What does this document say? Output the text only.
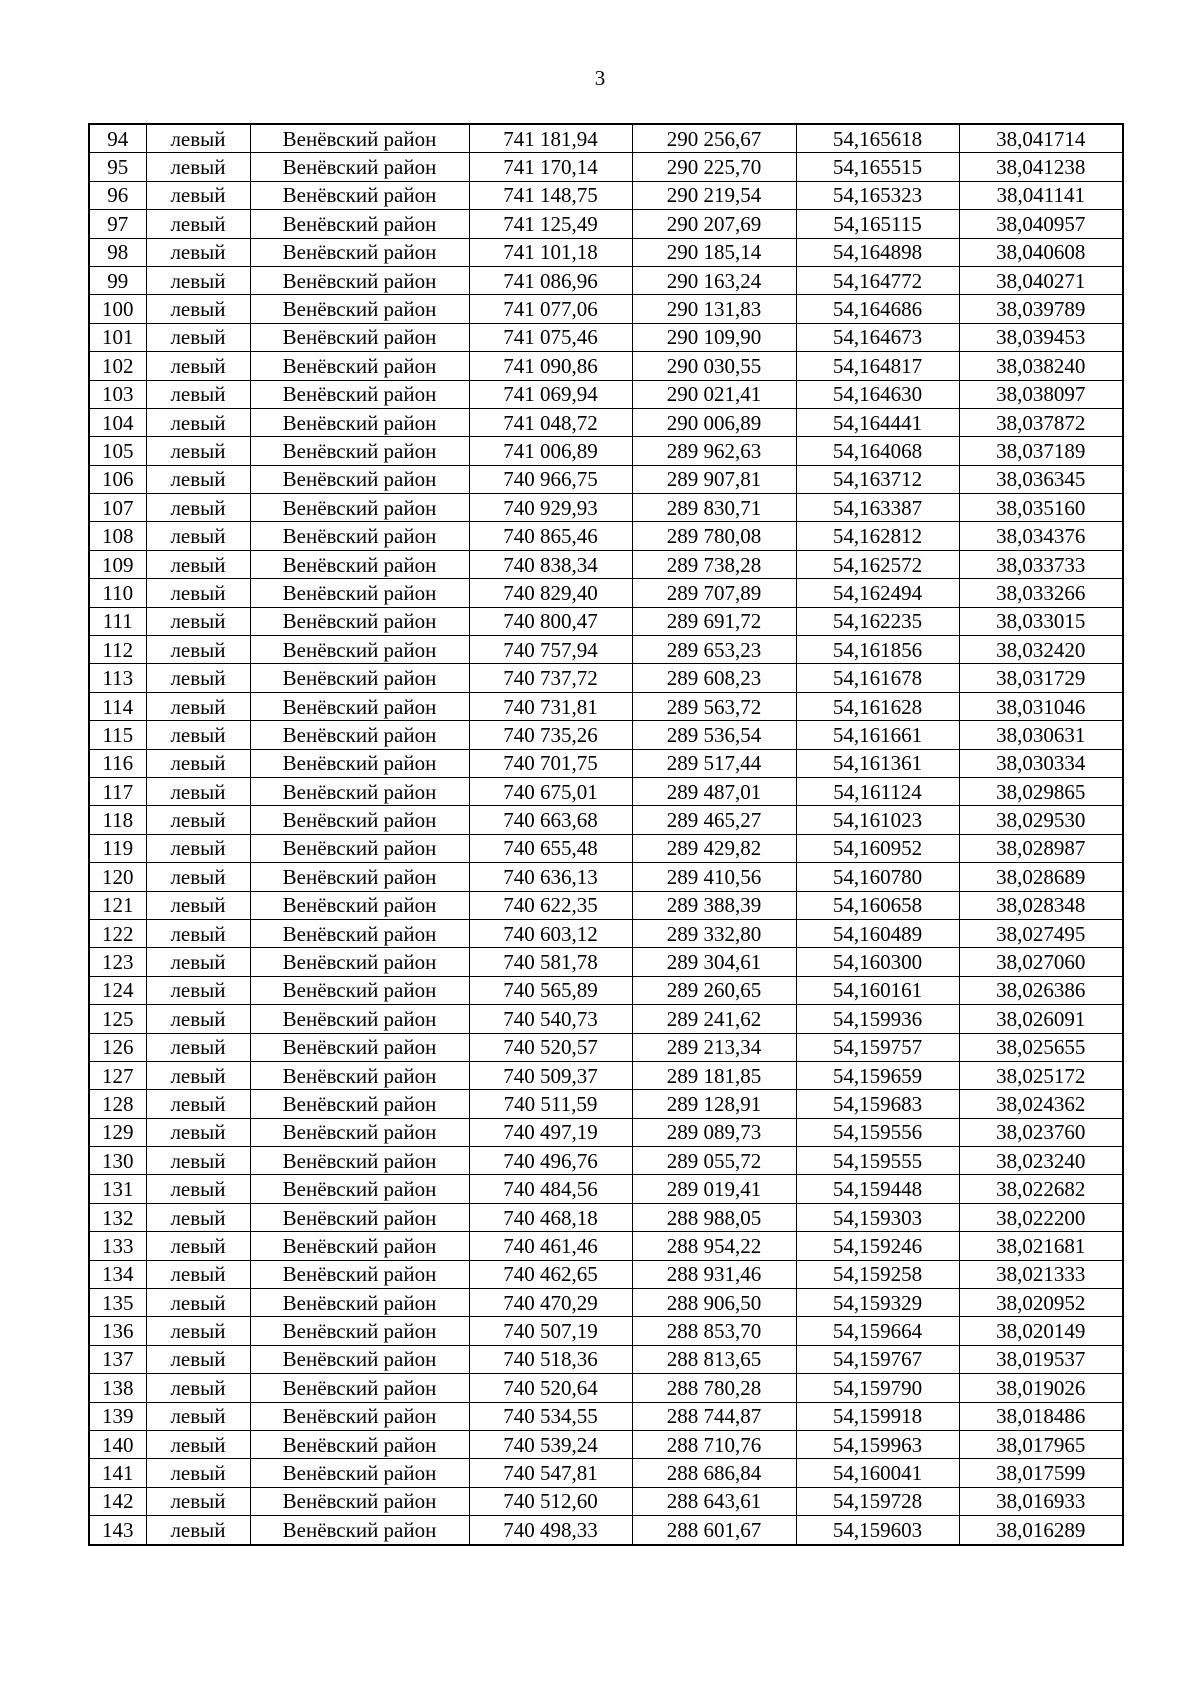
3
94	левый	Венёвский район	741 181,94	290 256,67	54,165618	38,041714
95	левый	Венёвский район	741 170,14	290 225,70	54,165515	38,041238
96	левый	Венёвский район	741 148,75	290 219,54	54,165323	38,041141
97	левый	Венёвский район	741 125,49	290 207,69	54,165115	38,040957
98	левый	Венёвский район	741 101,18	290 185,14	54,164898	38,040608
99	левый	Венёвский район	741 086,96	290 163,24	54,164772	38,040271
100	левый	Венёвский район	741 077,06	290 131,83	54,164686	38,039789
101	левый	Венёвский район	741 075,46	290 109,90	54,164673	38,039453
102	левый	Венёвский район	741 090,86	290 030,55	54,164817	38,038240
103	левый	Венёвский район	741 069,94	290 021,41	54,164630	38,038097
104	левый	Венёвский район	741 048,72	290 006,89	54,164441	38,037872
105	левый	Венёвский район	741 006,89	289 962,63	54,164068	38,037189
106	левый	Венёвский район	740 966,75	289 907,81	54,163712	38,036345
107	левый	Венёвский район	740 929,93	289 830,71	54,163387	38,035160
108	левый	Венёвский район	740 865,46	289 780,08	54,162812	38,034376
109	левый	Венёвский район	740 838,34	289 738,28	54,162572	38,033733
110	левый	Венёвский район	740 829,40	289 707,89	54,162494	38,033266
111	левый	Венёвский район	740 800,47	289 691,72	54,162235	38,033015
112	левый	Венёвский район	740 757,94	289 653,23	54,161856	38,032420
113	левый	Венёвский район	740 737,72	289 608,23	54,161678	38,031729
114	левый	Венёвский район	740 731,81	289 563,72	54,161628	38,031046
115	левый	Венёвский район	740 735,26	289 536,54	54,161661	38,030631
116	левый	Венёвский район	740 701,75	289 517,44	54,161361	38,030334
117	левый	Венёвский район	740 675,01	289 487,01	54,161124	38,029865
118	левый	Венёвский район	740 663,68	289 465,27	54,161023	38,029530
119	левый	Венёвский район	740 655,48	289 429,82	54,160952	38,028987
120	левый	Венёвский район	740 636,13	289 410,56	54,160780	38,028689
121	левый	Венёвский район	740 622,35	289 388,39	54,160658	38,028348
122	левый	Венёвский район	740 603,12	289 332,80	54,160489	38,027495
123	левый	Венёвский район	740 581,78	289 304,61	54,160300	38,027060
124	левый	Венёвский район	740 565,89	289 260,65	54,160161	38,026386
125	левый	Венёвский район	740 540,73	289 241,62	54,159936	38,026091
126	левый	Венёвский район	740 520,57	289 213,34	54,159757	38,025655
127	левый	Венёвский район	740 509,37	289 181,85	54,159659	38,025172
128	левый	Венёвский район	740 511,59	289 128,91	54,159683	38,024362
129	левый	Венёвский район	740 497,19	289 089,73	54,159556	38,023760
130	левый	Венёвский район	740 496,76	289 055,72	54,159555	38,023240
131	левый	Венёвский район	740 484,56	289 019,41	54,159448	38,022682
132	левый	Венёвский район	740 468,18	288 988,05	54,159303	38,022200
133	левый	Венёвский район	740 461,46	288 954,22	54,159246	38,021681
134	левый	Венёвский район	740 462,65	288 931,46	54,159258	38,021333
135	левый	Венёвский район	740 470,29	288 906,50	54,159329	38,020952
136	левый	Венёвский район	740 507,19	288 853,70	54,159664	38,020149
137	левый	Венёвский район	740 518,36	288 813,65	54,159767	38,019537
138	левый	Венёвский район	740 520,64	288 780,28	54,159790	38,019026
139	левый	Венёвский район	740 534,55	288 744,87	54,159918	38,018486
140	левый	Венёвский район	740 539,24	288 710,76	54,159963	38,017965
141	левый	Венёвский район	740 547,81	288 686,84	54,160041	38,017599
142	левый	Венёвский район	740 512,60	288 643,61	54,159728	38,016933
143	левый	Венёвский район	740 498,33	288 601,67	54,159603	38,016289
